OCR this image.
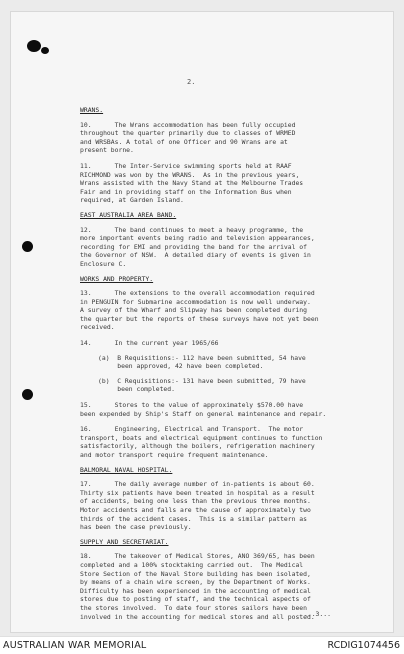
2.
WRANS.

10.      The Wrans accommodation has been fully occupied
throughout the quarter primarily due to classes of WRMED
and WRSBAs. A total of one Officer and 90 Wrans are at
present borne.

11.      The Inter-Service swimming sports held at RAAF
RICHMOND was won by the WRANS.  As in the previous years,
Wrans assisted with the Navy Stand at the Melbourne Trades
Fair and in providing staff on the Information Bus when
required, at Garden Island.

EAST AUSTRALIA AREA BAND.

12.      The band continues to meet a heavy programme, the
more important events being radio and television appearances,
recording for EMI and providing the band for the arrival of
the Governor of NSW.  A detailed diary of events is given in
Enclosure C.

WORKS AND PROPERTY.

13.      The extensions to the overall accommodation required
in PENGUIN for Submarine accommodation is now well underway.
A survey of the Wharf and Slipway has been completed during
the quarter but the reports of these surveys have not yet been
received.

14.      In the current year 1965/66

(a)  B Requisitions:- 112 have been submitted, 54 have
been approved, 42 have been completed.

(b)  C Requisitions:- 131 have been submitted, 79 have
been completed.

15.      Stores to the value of approximately $570.00 have
been expended by Ship's Staff on general maintenance and repair.

16.      Engineering, Electrical and Transport.  The motor
transport, boats and electrical equipment continues to function
satisfactorily, although the boilers, refrigeration machinery
and motor transport require frequent maintenance.

BALMORAL NAVAL HOSPITAL.

17.      The daily average number of in-patients is about 60.
Thirty six patients have been treated in hospital as a result
of accidents, being one less than the previous three months.
Motor accidents and falls are the cause of approximately two
thirds of the accident cases.  This is a similar pattern as
has been the case previously.

SUPPLY AND SECRETARIAT.

18.      The takeover of Medical Stores, ANO 369/65, has been
completed and a 100% stocktaking carried out.  The Medical
Store Section of the Naval Store building has been isolated,
by means of a chain wire screen, by the Department of Works.
Difficulty has been experienced in the accounting of medical
stores due to posting of staff, and the technical aspects of
the stores involved.  To date four stores sailors have been
involved in the accounting for medical stores and all posted.

...3...
AUSTRALIAN WAR MEMORIAL	RCDIG1074456
